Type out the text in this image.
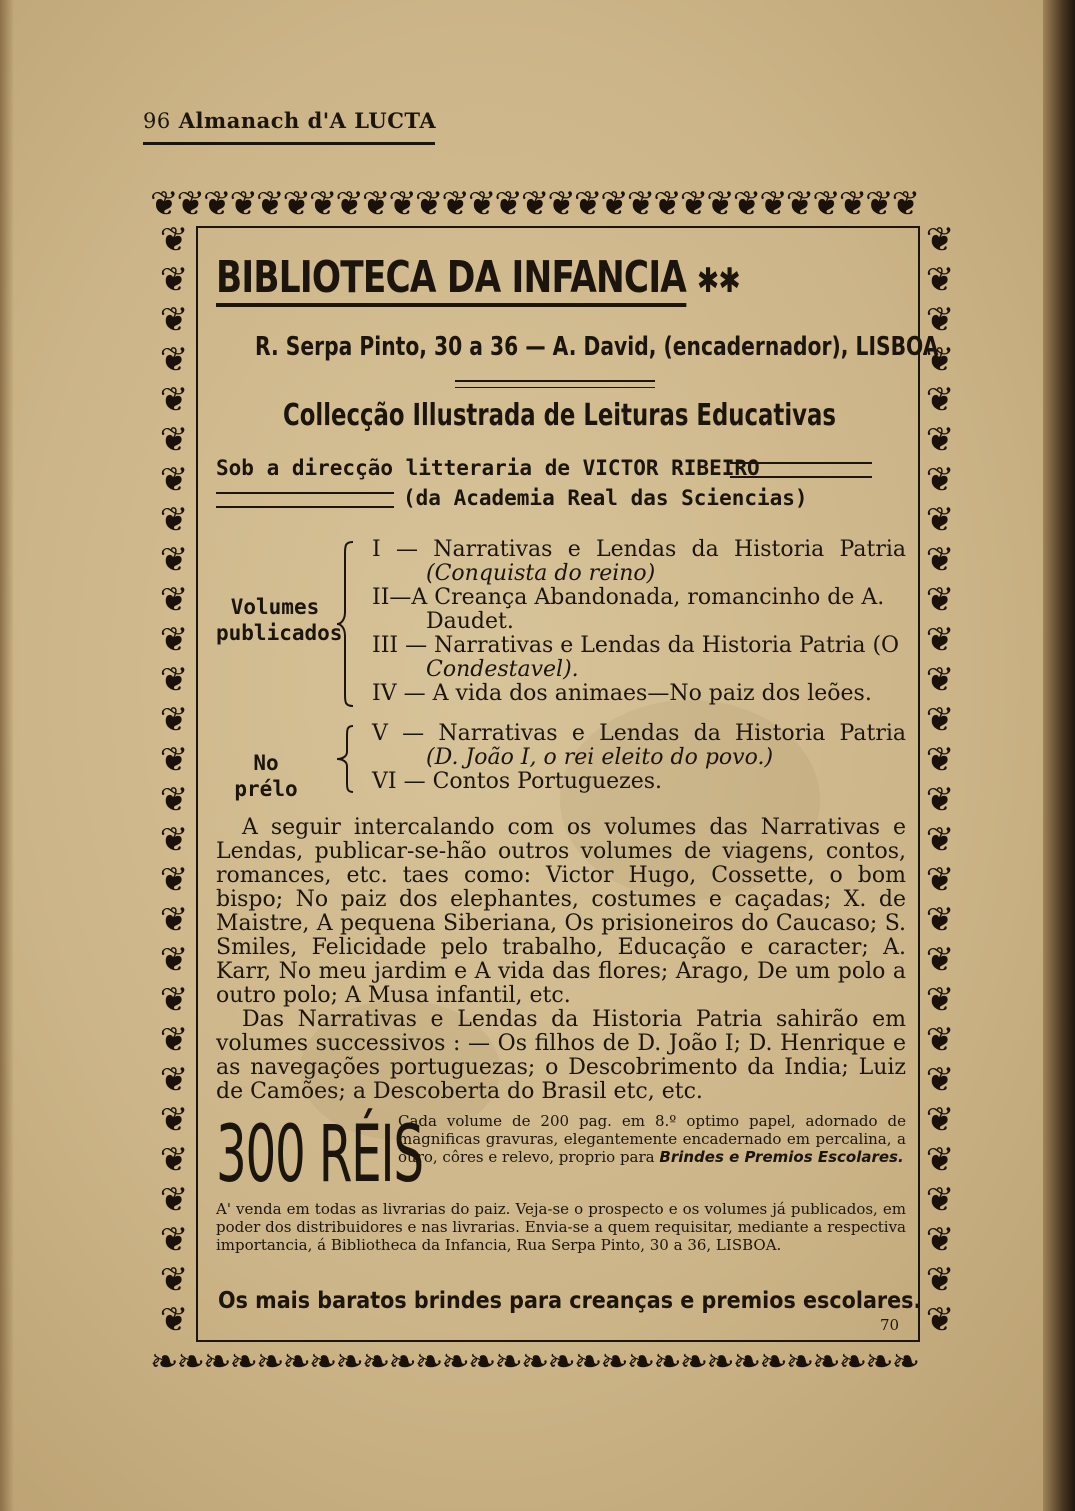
96 Almanach d'A LUCTA
❦❦❦❦❦❦❦❦❦❦❦❦❦❦❦❦❦❦❦❦❦❦❦❦❦❦❦❦❦
❧❧❧❧❧❧❧❧❧❧❧❧❧❧❧❧❧❧❧❧❧❧❧❧❧❧❧❧❧
❦❦❦❦❦❦❦❦❦❦❦❦❦❦❦❦❦❦❦❦❦❦❦❦❦❦❦❦
❦❦❦❦❦❦❦❦❦❦❦❦❦❦❦❦❦❦❦❦❦❦❦❦❦❦❦❦
BIBLIOTECA DA INFANCIA ✱✱
R. Serpa Pinto, 30 a 36 — A. David, (encadernador), LISBOA
Collecção Illustrada de Leituras Educativas
Sob a direcção litteraria de VICTOR RIBEIRO
(da Academia Real das Sciencias)
Volumes
publicados
I — Narrativas e Lendas da Historia Patria
(Conquista do reino)
II—A Creança Abandonada, romancinho de A. Daudet.
III — Narrativas e Lendas da Historia Patria (O
Condestavel).
IV — A vida dos animaes—No paiz dos leões.
No prélo
V — Narrativas e Lendas da Historia Patria
(D. João I, o rei eleito do povo.)
VI — Contos Portuguezes.
A seguir intercalando com os volumes das Narrativas e Lendas, publicar-se-hão outros volumes de viagens, contos, romances, etc. taes como: Victor Hugo, Cossette, o bom bispo; No paiz dos elephantes, costumes e caçadas; X. de Maistre, A pequena Siberiana, Os prisioneiros do Caucaso; S. Smiles, Felicidade pelo trabalho, Educação e caracter; A. Karr, No meu jardim e A vida das flores; Arago, De um polo a outro polo; A Musa infantil, etc.
Das Narrativas e Lendas da Historia Patria sahirão em volumes successivos : — Os filhos de D. João I; D. Henrique e as navegações portuguezas; o Descobrimento da India; Luiz de Camões; a Descoberta do Brasil etc, etc.
300 RÉIS
Cada volume de 200 pag. em 8.º optimo papel, adornado de magnificas gravuras, elegantemente encadernado em percalina, a ouro, côres e relevo, proprio para Brindes e Premios Escolares.
A' venda em todas as livrarias do paiz. Veja-se o prospecto e os volumes já publicados, em poder dos distribuidores e nas livrarias. Envia-se a quem requisitar, mediante a respectiva importancia, á Bibliotheca da Infancia, Rua Serpa Pinto, 30 a 36, LISBOA.
Os mais baratos brindes para creanças e premios escolares.
70
